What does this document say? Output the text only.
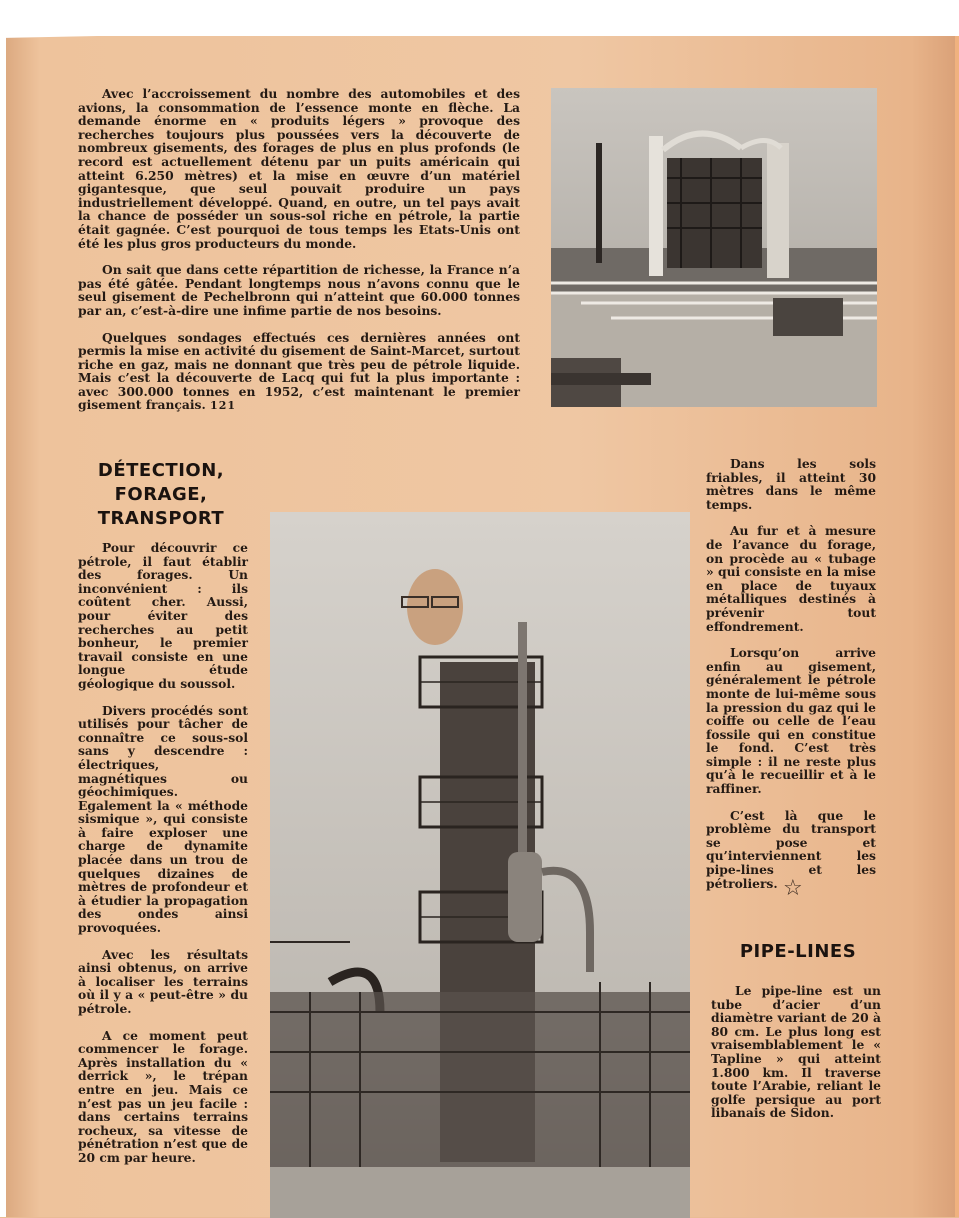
Avec l’accroissement du nombre des automobiles et des avions, la consommation de l’essence monte en flèche. La demande énorme en « produits légers » provoque des recherches toujours plus poussées vers la découverte de nombreux gisements, des forages de plus en plus profonds (le record est actuellement détenu par un puits américain qui atteint 6.250 mètres) et la mise en œuvre d’un matériel gigantesque, que seul pouvait produire un pays industriellement développé. Quand, en outre, un tel pays avait la chance de posséder un sous-sol riche en pétrole, la partie était gagnée. C’est pourquoi de tous temps les Etats-Unis ont été les plus gros producteurs du monde.

On sait que dans cette répartition de richesse, la France n’a pas été gâtée. Pendant longtemps nous n’avons connu que le seul gisement de Pechelbronn qui n’atteint que 60.000 tonnes par an, c’est-à-dire une infime partie de nos besoins.

Quelques sondages effectués ces dernières années ont permis la mise en activité du gisement de Saint-Marcet, surtout riche en gaz, mais ne donnant que très peu de pétrole liquide. Mais c’est la découverte de Lacq qui fut la plus importante : avec 300.000 tonnes en 1952, c’est maintenant le premier gisement français. 121

DÉTECTION, FORAGE, TRANSPORT

Pour découvrir ce pétrole, il faut établir des forages. Un inconvénient : ils coûtent cher. Aussi, pour éviter des recherches au petit bonheur, le premier travail consiste en une longue étude géologique du soussol.

Divers procédés sont utilisés pour tâcher de connaître ce sous-sol sans y descendre : électriques, magnétiques ou géochimiques. Egalement la « méthode sismique », qui consiste à faire exploser une charge de dynamite placée dans un trou de quelques dizaines de mètres de profondeur et à étudier la propagation des ondes ainsi provoquées.

Avec les résultats ainsi obtenus, on arrive à localiser les terrains où il y a « peut-être » du pétrole.

A ce moment peut commencer le forage. Après installation du « derrick », le trépan entre en jeu. Mais ce n’est pas un jeu facile : dans certains terrains rocheux, sa vitesse de pénétration n’est que de 20 cm par heure.

Dans les sols friables, il atteint 30 mètres dans le même temps.

Au fur et à mesure de l’avance du forage, on procède au « tubage » qui consiste en la mise en place de tuyaux métalliques destinés à prévenir tout effondrement.

Lorsqu’on arrive enfin au gisement, généralement le pétrole monte de lui-même sous la pression du gaz qui le coiffe ou celle de l’eau fossile qui en constitue le fond. C’est très simple : il ne reste plus qu’à le recueillir et à le raffiner.

C’est là que le problème du transport se pose et qu’interviennent les pipe-lines et les pétroliers. ☆
PIPE-LINES

Le pipe-line est un tube d’acier d’un diamètre variant de 20 à 80 cm. Le plus long est vraisemblablement le « Tapline » qui atteint 1.800 km. Il traverse toute l’Arabie, reliant le golfe persique au port libanais de Sidon.
